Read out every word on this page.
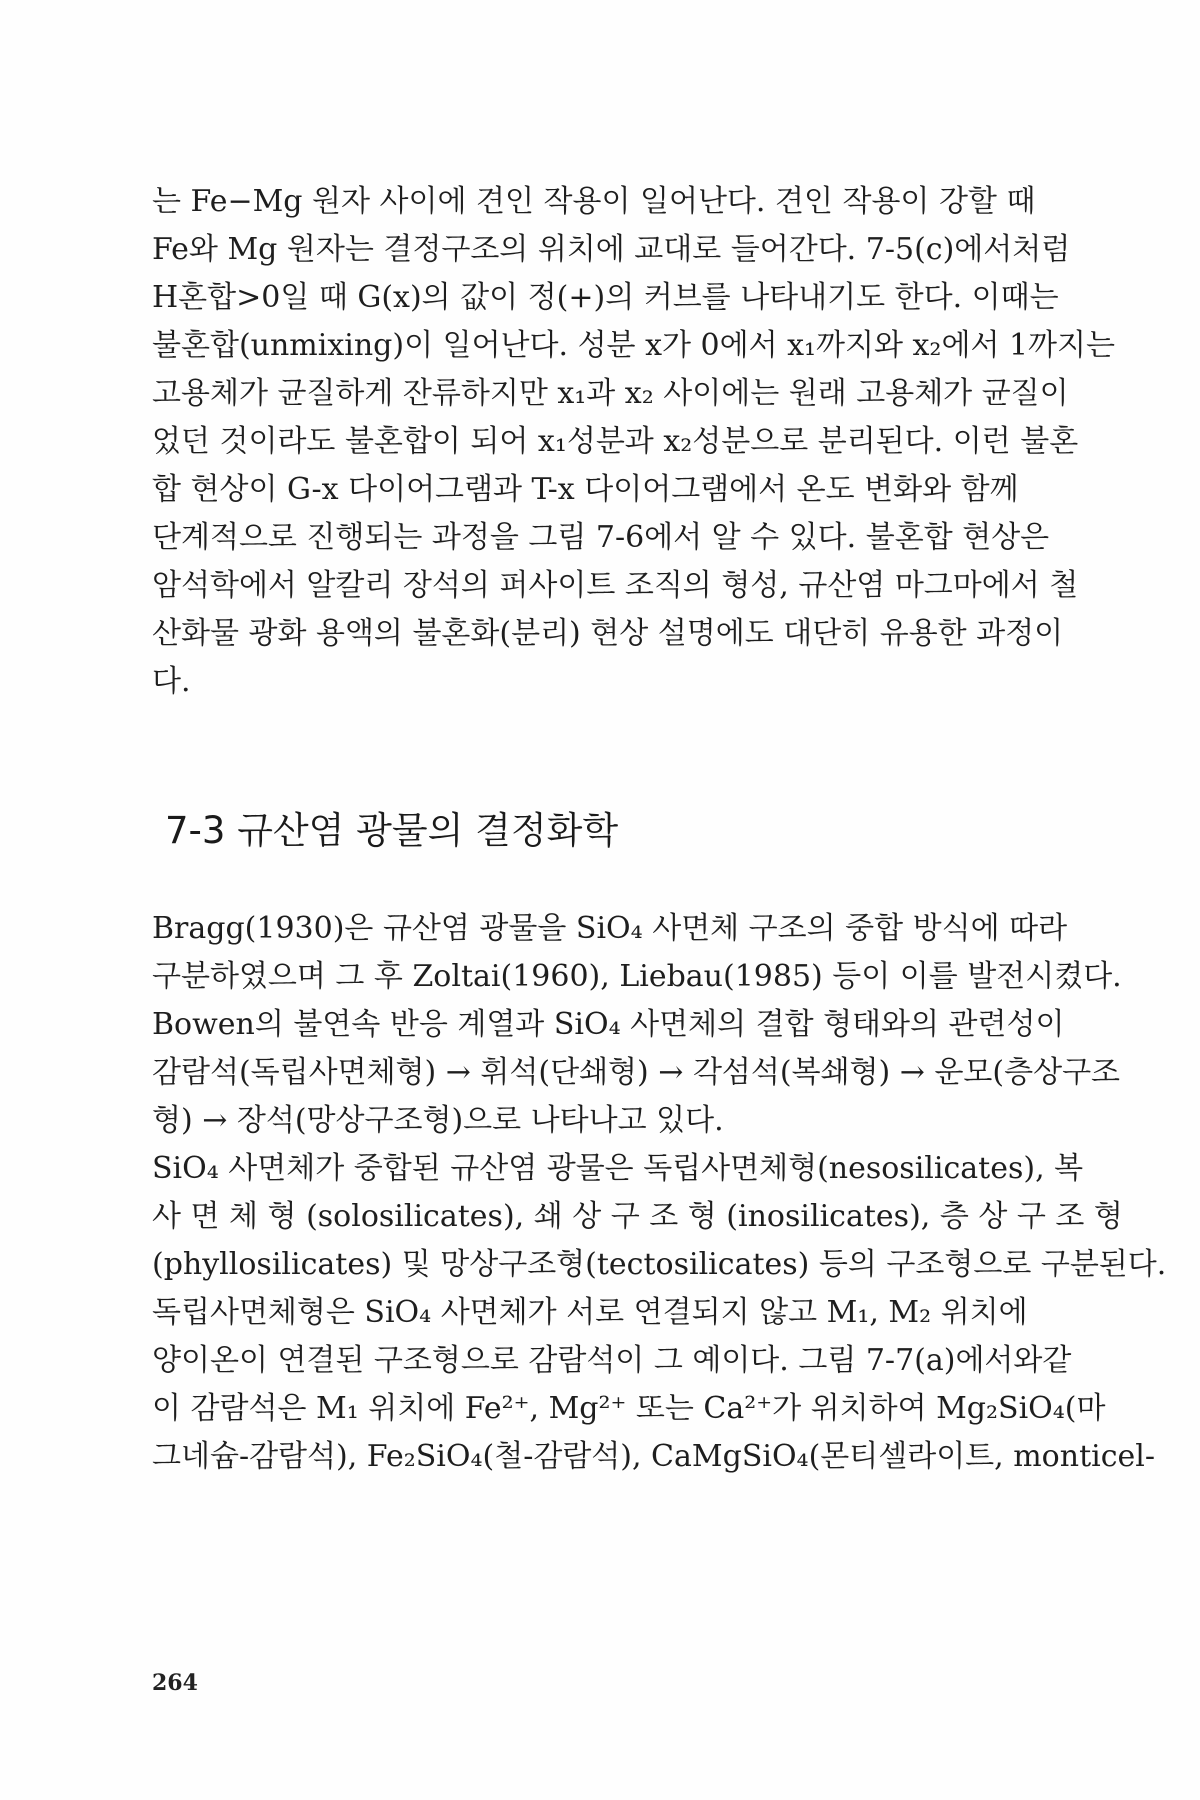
는 Fe−Mg 원자 사이에 견인 작용이 일어난다. 견인 작용이 강할 때
Fe와 Mg 원자는 결정구조의 위치에 교대로 들어간다. 7-5(c)에서처럼
H혼합>0일 때 G(x)의 값이 정(+)의 커브를 나타내기도 한다. 이때는
불혼합(unmixing)이 일어난다. 성분 x가 0에서 x₁까지와 x₂에서 1까지는
고용체가 균질하게 잔류하지만 x₁과 x₂ 사이에는 원래 고용체가 균질이
었던 것이라도 불혼합이 되어 x₁성분과 x₂성분으로 분리된다. 이런 불혼
합 현상이 G-x 다이어그램과 T-x 다이어그램에서 온도 변화와 함께
단계적으로 진행되는 과정을 그림 7-6에서 알 수 있다. 불혼합 현상은
암석학에서 알칼리 장석의 퍼사이트 조직의 형성, 규산염 마그마에서 철
산화물 광화 용액의 불혼화(분리) 현상 설명에도 대단히 유용한 과정이
다.
7-3 규산염 광물의 결정화학
Bragg(1930)은 규산염 광물을 SiO₄ 사면체 구조의 중합 방식에 따라
구분하였으며 그 후 Zoltai(1960), Liebau(1985) 등이 이를 발전시켰다.
Bowen의 불연속 반응 계열과 SiO₄ 사면체의 결합 형태와의 관련성이
감람석(독립사면체형) → 휘석(단쇄형) → 각섬석(복쇄형) → 운모(층상구조
형) → 장석(망상구조형)으로 나타나고 있다.
SiO₄ 사면체가 중합된 규산염 광물은 독립사면체형(nesosilicates), 복
사 면 체 형 (solosilicates), 쇄 상 구 조 형 (inosilicates), 층 상 구 조 형
(phyllosilicates) 및 망상구조형(tectosilicates) 등의 구조형으로 구분된다.
독립사면체형은 SiO₄ 사면체가 서로 연결되지 않고 M₁, M₂ 위치에
양이온이 연결된 구조형으로 감람석이 그 예이다. 그림 7-7(a)에서와같
이 감람석은 M₁ 위치에 Fe²⁺, Mg²⁺ 또는 Ca²⁺가 위치하여 Mg₂SiO₄(마
그네슘-감람석), Fe₂SiO₄(철-감람석), CaMgSiO₄(몬티셀라이트, monticel-
264
